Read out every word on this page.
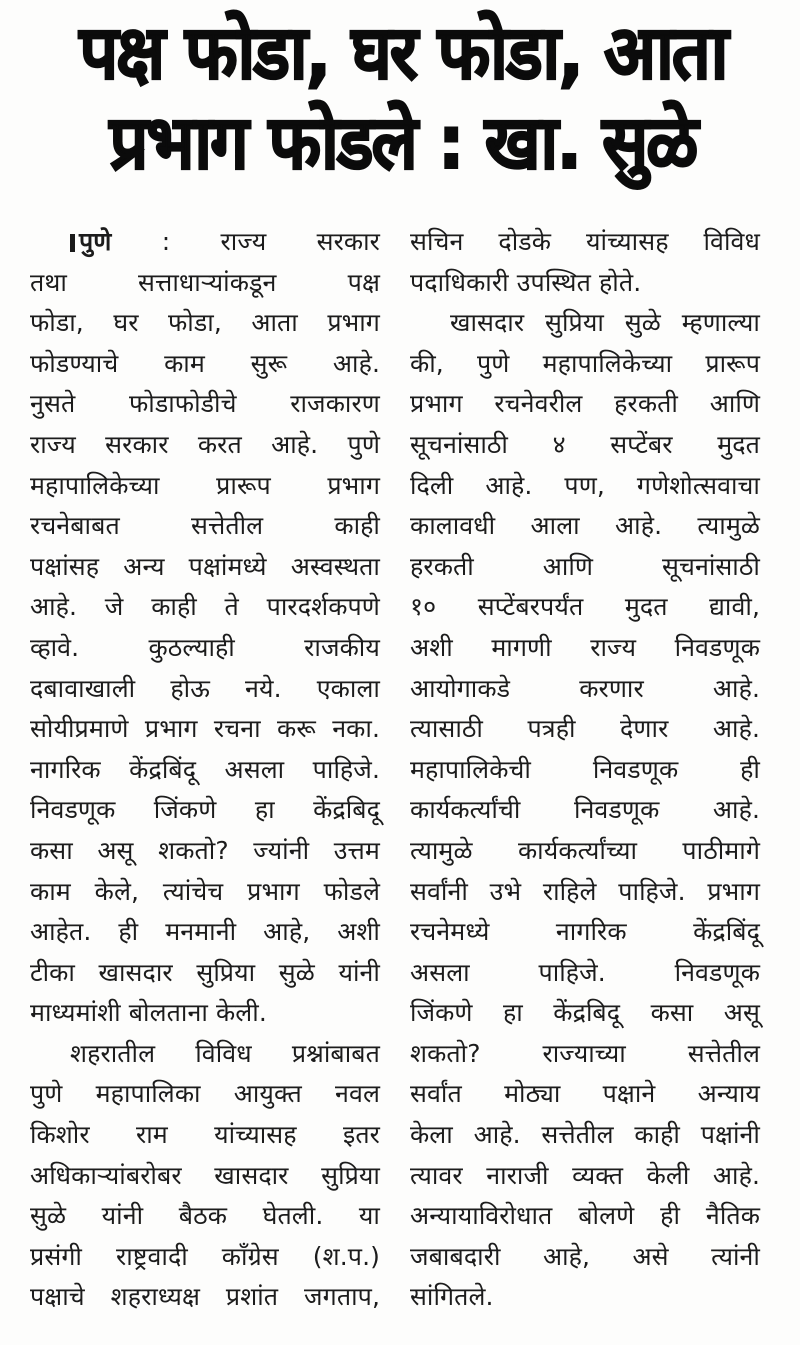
पक्ष फोडा, घर फोडा, आता
प्रभाग फोडले : खा. सुळे
पुणे : राज्य सरकार
तथा सत्ताधाऱ्यांकडून पक्ष
फोडा, घर फोडा, आता प्रभाग
फोडण्याचे काम सुरू आहे.
नुसते फोडाफोडीचे राजकारण
राज्य सरकार करत आहे. पुणे
महापालिकेच्या प्रारूप प्रभाग
रचनेबाबत सत्तेतील काही
पक्षांसह अन्य पक्षांमध्ये अस्वस्थता
आहे. जे काही ते पारदर्शकपणे
व्हावे. कुठल्याही राजकीय
दबावाखाली होऊ नये. एकाला
सोयीप्रमाणे प्रभाग रचना करू नका.
नागरिक केंद्रबिंदू असला पाहिजे.
निवडणूक जिंकणे हा केंद्रबिदू
कसा असू शकतो? ज्यांनी उत्तम
काम केले, त्यांचेच प्रभाग फोडले
आहेत. ही मनमानी आहे, अशी
टीका खासदार सुप्रिया सुळे यांनी
माध्यमांशी बोलताना केली.
शहरातील विविध प्रश्नांबाबत
पुणे महापालिका आयुक्त नवल
किशोर राम यांच्यासह इतर
अधिकाऱ्यांबरोबर खासदार सुप्रिया
सुळे यांनी बैठक घेतली. या
प्रसंगी राष्ट्रवादी काँग्रेस (श.प.)
पक्षाचे शहराध्यक्ष प्रशांत जगताप,
सचिन दोडके यांच्यासह विविध
पदाधिकारी उपस्थित होते.
खासदार सुप्रिया सुळे म्हणाल्या
की, पुणे महापालिकेच्या प्रारूप
प्रभाग रचनेवरील हरकती आणि
सूचनांसाठी ४ सप्टेंबर मुदत
दिली आहे. पण, गणेशोत्सवाचा
कालावधी आला आहे. त्यामुळे
हरकती आणि सूचनांसाठी
१० सप्टेंबरपर्यंत मुदत द्यावी,
अशी मागणी राज्य निवडणूक
आयोगाकडे करणार आहे.
त्यासाठी पत्रही देणार आहे.
महापालिकेची निवडणूक ही
कार्यकर्त्यांची निवडणूक आहे.
त्यामुळे कार्यकर्त्यांच्या पाठीमागे
सर्वांनी उभे राहिले पाहिजे. प्रभाग
रचनेमध्ये नागरिक केंद्रबिंदू
असला पाहिजे. निवडणूक
जिंकणे हा केंद्रबिदू कसा असू
शकतो? राज्याच्या सत्तेतील
सर्वांत मोठ्या पक्षाने अन्याय
केला आहे. सत्तेतील काही पक्षांनी
त्यावर नाराजी व्यक्त केली आहे.
अन्यायाविरोधात बोलणे ही नैतिक
जबाबदारी आहे, असे त्यांनी
सांगितले.
